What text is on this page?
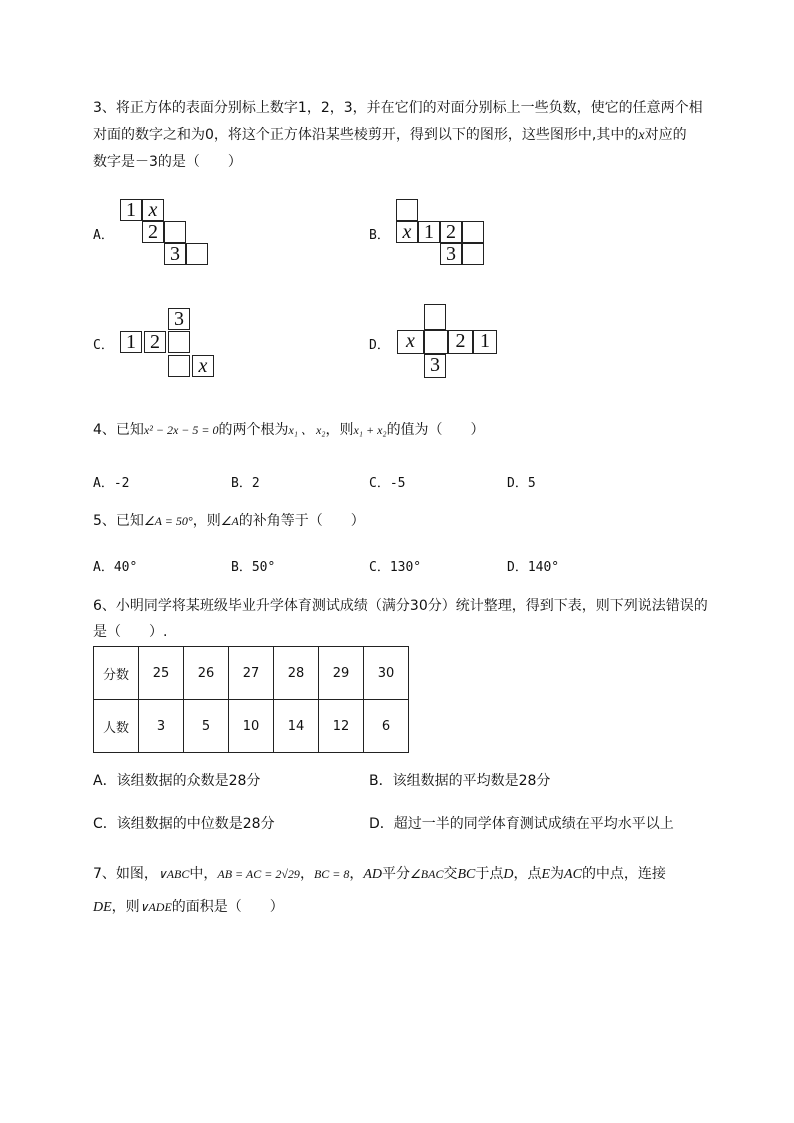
3、将正方体的表面分别标上数字1，2，3，并在它们的对面分别标上一些负数，使它的任意两个相
对面的数字之和为0，将这个正方体沿某些棱剪开，得到以下的图形，这些图形中,其中的x对应的
数字是－3的是（　　）
A．
1 x
2
3
B． x 1 2
3
C．
3
1 2
x
D． x	2 1
3
4、已知x² − 2x − 5 = 0的两个根为x₁ 、 x₂，则x₁ + x₂的值为（　　）
A．-2	B．2	C．-5	D．5
5、已知∠A = 50°，则∠A的补角等于（　　）
A．40°	B．50°	C．130°	D．140°
6、小明同学将某班级毕业升学体育测试成绩（满分30分）统计整理，得到下表，则下列说法错误的
是（　　）.
分数	25	26	27	28	29	30
人数	3	5	10	14	12	6
A．该组数据的众数是28分	B．该组数据的平均数是28分
C．该组数据的中位数是28分	D．超过一半的同学体育测试成绩在平均水平以上
7、如图，∨ABC中，AB = AC = 2√29，BC = 8，AD平分∠BAC交BC于点D，点E为AC的中点，连接
DE，则∨ADE的面积是（　　）
